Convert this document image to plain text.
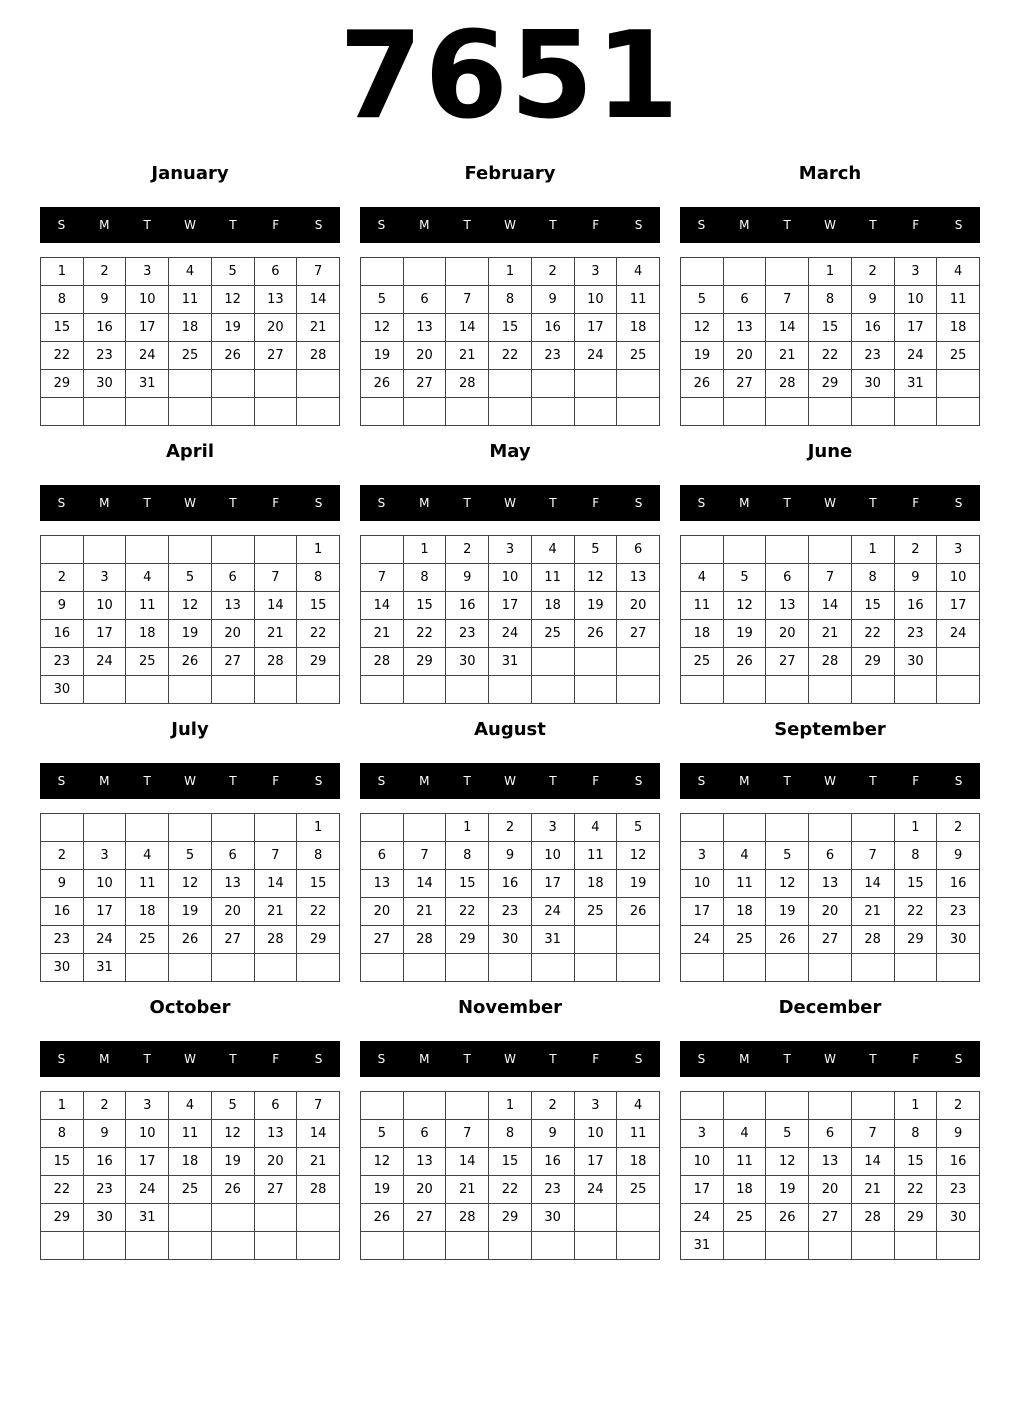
7651
January
S	M	T	W	T	F	S
1	2	3	4	5	6	7
8	9	10	11	12	13	14
15	16	17	18	19	20	21
22	23	24	25	26	27	28
29	30	31				

February
S	M	T	W	T	F	S
			1	2	3	4
5	6	7	8	9	10	11
12	13	14	15	16	17	18
19	20	21	22	23	24	25
26	27	28				

March
S	M	T	W	T	F	S
			1	2	3	4
5	6	7	8	9	10	11
12	13	14	15	16	17	18
19	20	21	22	23	24	25
26	27	28	29	30	31	

April
S	M	T	W	T	F	S
						1
2	3	4	5	6	7	8
9	10	11	12	13	14	15
16	17	18	19	20	21	22
23	24	25	26	27	28	29
30						
May
S	M	T	W	T	F	S
	1	2	3	4	5	6
7	8	9	10	11	12	13
14	15	16	17	18	19	20
21	22	23	24	25	26	27
28	29	30	31			

June
S	M	T	W	T	F	S
				1	2	3
4	5	6	7	8	9	10
11	12	13	14	15	16	17
18	19	20	21	22	23	24
25	26	27	28	29	30	

July
S	M	T	W	T	F	S
						1
2	3	4	5	6	7	8
9	10	11	12	13	14	15
16	17	18	19	20	21	22
23	24	25	26	27	28	29
30	31					
August
S	M	T	W	T	F	S
		1	2	3	4	5
6	7	8	9	10	11	12
13	14	15	16	17	18	19
20	21	22	23	24	25	26
27	28	29	30	31		

September
S	M	T	W	T	F	S
					1	2
3	4	5	6	7	8	9
10	11	12	13	14	15	16
17	18	19	20	21	22	23
24	25	26	27	28	29	30

October
S	M	T	W	T	F	S
1	2	3	4	5	6	7
8	9	10	11	12	13	14
15	16	17	18	19	20	21
22	23	24	25	26	27	28
29	30	31				

November
S	M	T	W	T	F	S
			1	2	3	4
5	6	7	8	9	10	11
12	13	14	15	16	17	18
19	20	21	22	23	24	25
26	27	28	29	30		

December
S	M	T	W	T	F	S
					1	2
3	4	5	6	7	8	9
10	11	12	13	14	15	16
17	18	19	20	21	22	23
24	25	26	27	28	29	30
31						
